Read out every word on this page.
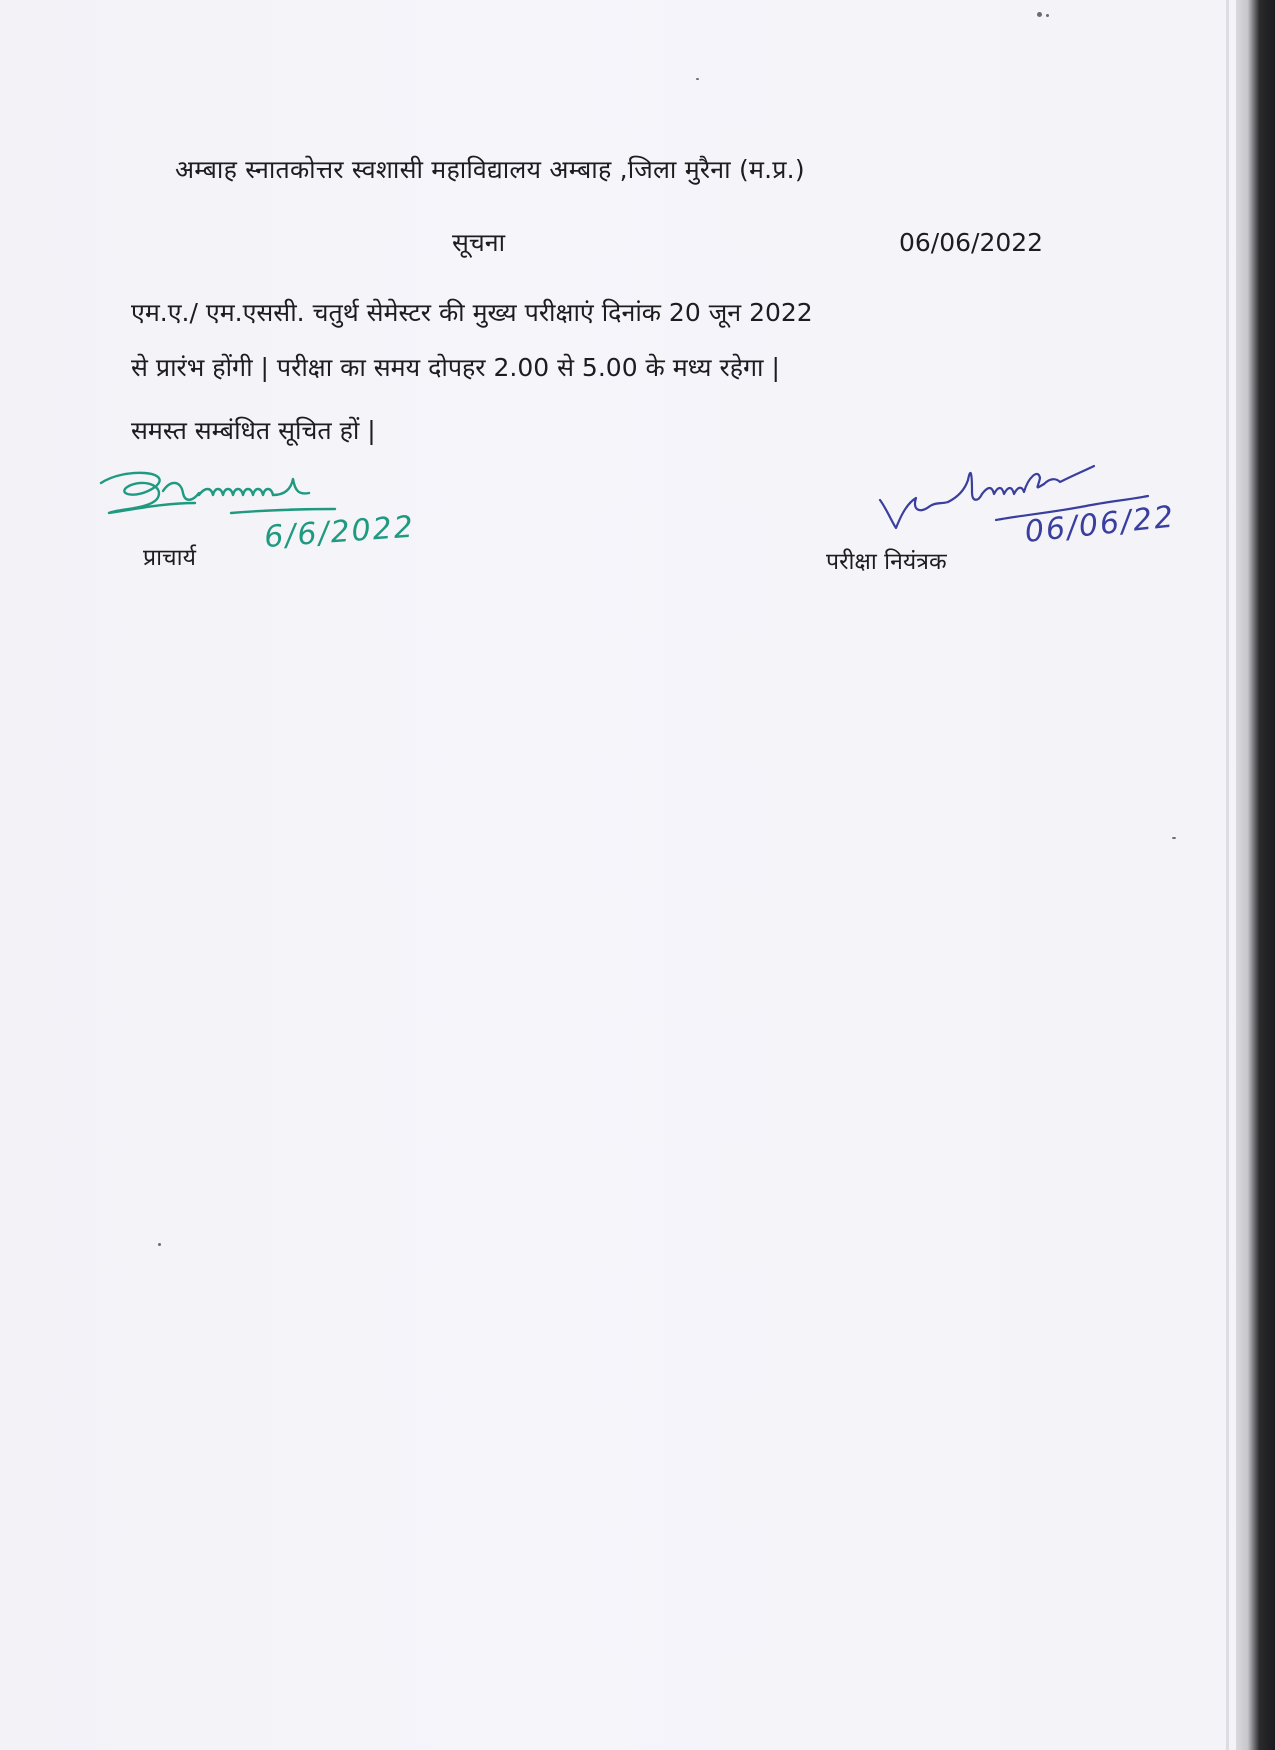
अम्बाह स्नातकोत्तर स्वशासी महाविद्यालय अम्बाह ,जिला मुरैना (म.प्र.)
सूचना	06/06/2022
एम.ए./ एम.एससी. चतुर्थ सेमेस्टर की मुख्य परीक्षाएं दिनांक 20 जून 2022
से प्रारंभ होंगी | परीक्षा का समय दोपहर 2.00 से 5.00 के मध्य रहेगा |
समस्त सम्बंधित सूचित हों |
6/6/2022	06/06/22
प्राचार्य	परीक्षा नियंत्रक
